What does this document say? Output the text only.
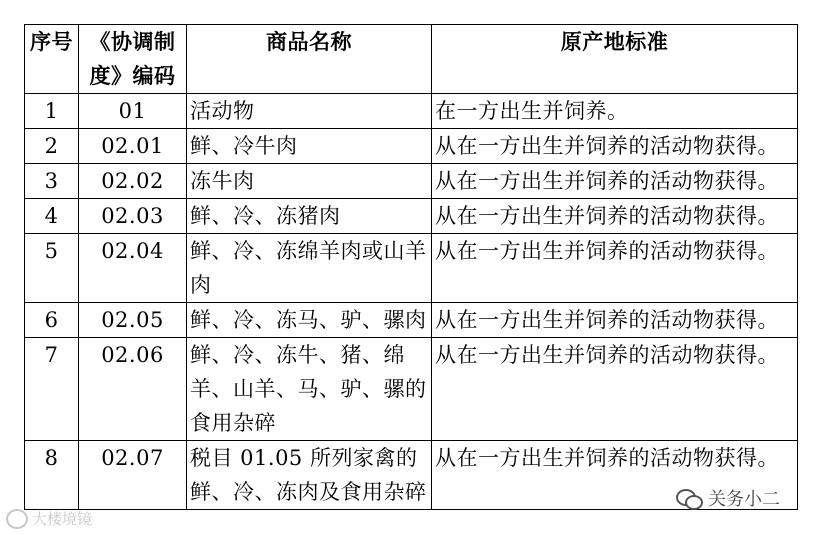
序号	《协调制度》编码	商品名称	原产地标准
1	01	活动物	在一方出生并饲养。
2	02.01	鲜、冷牛肉	从在一方出生并饲养的活动物获得。
3	02.02	冻牛肉	从在一方出生并饲养的活动物获得。
4	02.03	鲜、冷、冻猪肉	从在一方出生并饲养的活动物获得。
5	02.04	鲜、冷、冻绵羊肉或山羊肉	从在一方出生并饲养的活动物获得。
6	02.05	鲜、冷、冻马、驴、骡肉	从在一方出生并饲养的活动物获得。
7	02.06	鲜、冷、冻牛、猪、绵羊、山羊、马、驴、骡的食用杂碎	从在一方出生并饲养的活动物获得。
8	02.07	税目 01.05 所列家禽的鲜、冷、冻肉及食用杂碎	从在一方出生并饲养的活动物获得。
关务小二
大楼境镜
